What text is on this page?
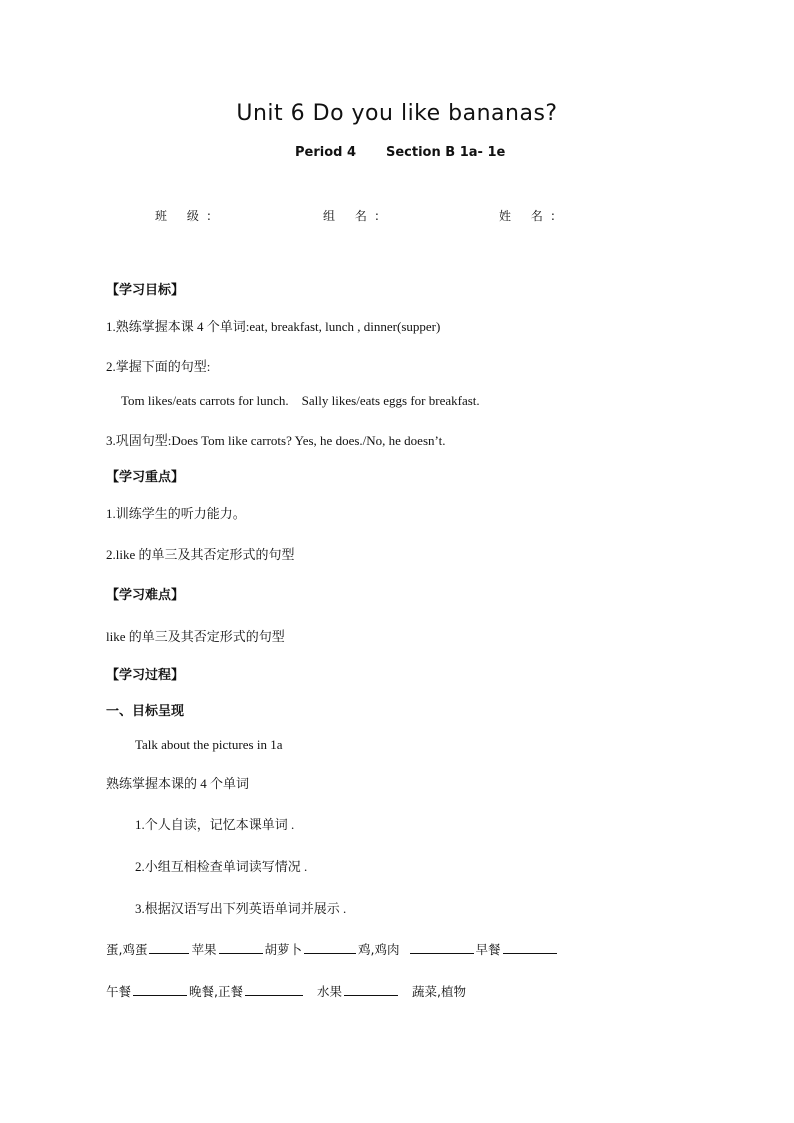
Unit 6 Do you like bananas?
Period 4 Section B 1a- 1e
班 级:	组 名:	姓 名:
【学习目标】
1.熟练掌握本课 4 个单词:eat, breakfast, lunch , dinner(supper)
2.掌握下面的句型:
Tom likes/eats carrots for lunch.    Sally likes/eats eggs for breakfast.
3.巩固句型:Does Tom like carrots? Yes, he does./No, he doesn’t.
【学习重点】
1.训练学生的听力能力。
2.like 的单三及其否定形式的句型
【学习难点】
like 的单三及其否定形式的句型
【学习过程】
一、目标呈现
Talk about the pictures in 1a
熟练掌握本课的 4 个单词
1.个人自读，记忆本课单词 .
2.小组互相检查单词读写情况 .
3.根据汉语写出下列英语单词并展示 .
蛋,鸡蛋	苹果	胡萝卜	鸡,鸡肉	早餐
午餐	晚餐,正餐	水果	蔬菜,植物
